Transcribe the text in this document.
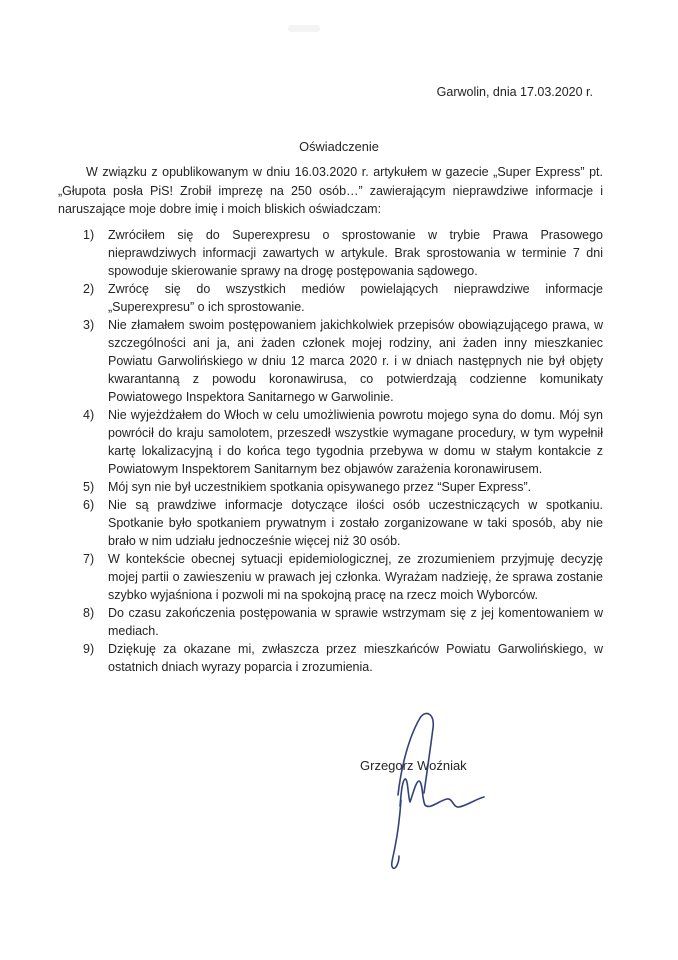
Garwolin, dnia 17.03.2020 r.
Oświadczenie
W związku z opublikowanym w dniu 16.03.2020 r. artykułem w gazecie „Super Express” pt. „Głupota posła PiS! Zrobił imprezę na 250 osób…” zawierającym nieprawdziwe informacje i naruszające moje dobre imię i moich bliskich oświadczam:
1)	Zwróciłem się do Superexpresu o sprostowanie w trybie Prawa Prasowego nieprawdziwych informacji zawartych w artykule. Brak sprostowania w terminie 7 dni spowoduje skierowanie sprawy na drogę postępowania sądowego.
2)	Zwrócę się do wszystkich mediów powielających nieprawdziwe informacje „Superexpresu” o ich sprostowanie.
3)	Nie złamałem swoim postępowaniem jakichkolwiek przepisów obowiązującego prawa, w szczególności ani ja, ani żaden członek mojej rodziny, ani żaden inny mieszkaniec Powiatu Garwolińskiego w dniu 12 marca 2020 r. i w dniach następnych nie był objęty kwarantanną z powodu koronawirusa, co potwierdzają codzienne komunikaty Powiatowego Inspektora Sanitarnego w Garwolinie.
4)	Nie wyjeżdżałem do Włoch w celu umożliwienia powrotu mojego syna do domu. Mój syn powrócił do kraju samolotem, przeszedł wszystkie wymagane procedury, w tym wypełnił kartę lokalizacyjną i do końca tego tygodnia przebywa w domu w stałym kontakcie z Powiatowym Inspektorem Sanitarnym bez objawów zarażenia koronawirusem.
5)	Mój syn nie był uczestnikiem spotkania opisywanego przez “Super Express”.
6)	Nie są prawdziwe informacje dotyczące ilości osób uczestniczących w spotkaniu. Spotkanie było spotkaniem prywatnym i zostało zorganizowane w taki sposób, aby nie brało w nim udziału jednocześnie więcej niż 30 osób.
7)	W kontekście obecnej sytuacji epidemiologicznej, ze zrozumieniem przyjmuję decyzję mojej partii o zawieszeniu w prawach jej członka. Wyrażam nadzieję, że sprawa zostanie szybko wyjaśniona i pozwoli mi na spokojną pracę na rzecz moich Wyborców.
8)	Do czasu zakończenia postępowania w sprawie wstrzymam się z jej komentowaniem w mediach.
9)	Dziękuję za okazane mi, zwłaszcza przez mieszkańców Powiatu Garwolińskiego, w ostatnich dniach wyrazy poparcia i zrozumienia.
Grzegorz Woźniak
